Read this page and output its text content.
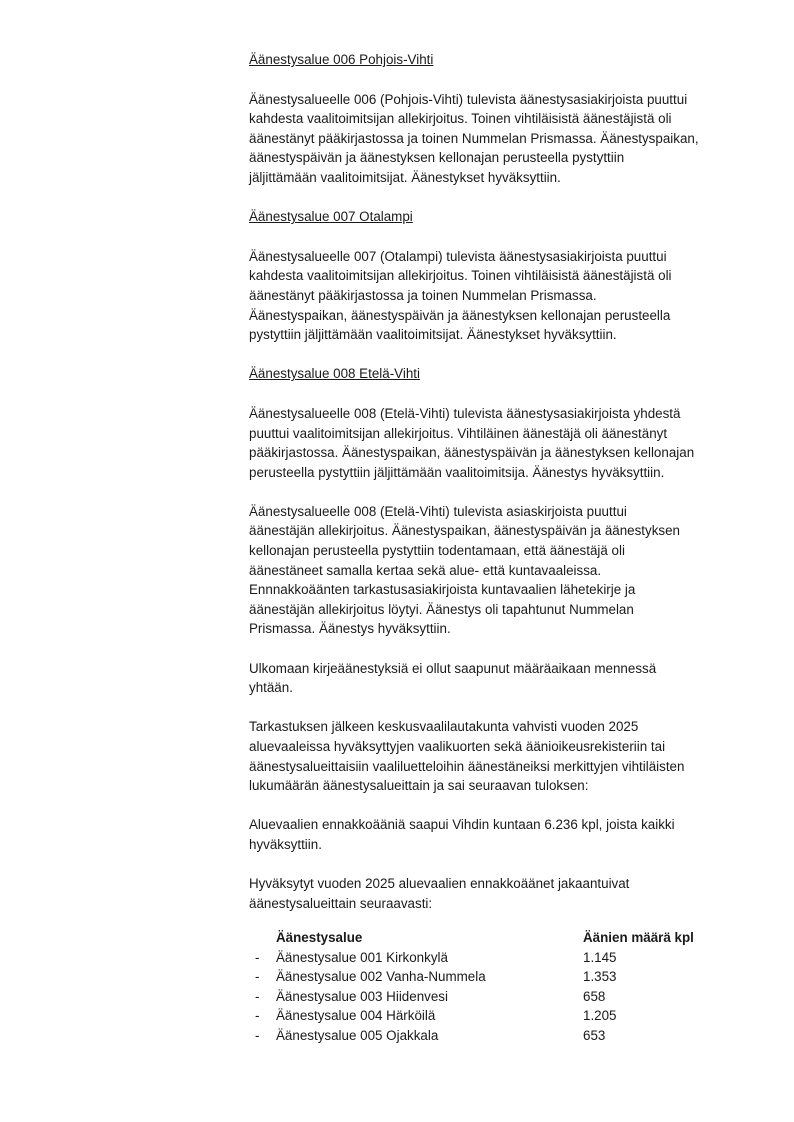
Äänestysalue 006 Pohjois-Vihti

Äänestysalueelle 006 (Pohjois-Vihti) tulevista äänestysasiakirjoista puuttui
kahdesta vaalitoimitsijan allekirjoitus. Toinen vihtiläisistä äänestäjistä oli
äänestänyt pääkirjastossa ja toinen Nummelan Prismassa. Äänestyspaikan,
äänestyspäivän ja äänestyksen kellonajan perusteella pystyttiin
jäljittämään vaalitoimitsijat. Äänestykset hyväksyttiin.

Äänestysalue 007 Otalampi

Äänestysalueelle 007 (Otalampi) tulevista äänestysasiakirjoista puuttui
kahdesta vaalitoimitsijan allekirjoitus. Toinen vihtiläisistä äänestäjistä oli
äänestänyt pääkirjastossa ja toinen Nummelan Prismassa.
Äänestyspaikan, äänestyspäivän ja äänestyksen kellonajan perusteella
pystyttiin jäljittämään vaalitoimitsijat. Äänestykset hyväksyttiin.

Äänestysalue 008 Etelä-Vihti

Äänestysalueelle 008 (Etelä-Vihti) tulevista äänestysasiakirjoista yhdestä
puuttui vaalitoimitsijan allekirjoitus. Vihtiläinen äänestäjä oli äänestänyt
pääkirjastossa. Äänestyspaikan, äänestyspäivän ja äänestyksen kellonajan
perusteella pystyttiin jäljittämään vaalitoimitsija. Äänestys hyväksyttiin.

Äänestysalueelle 008 (Etelä-Vihti) tulevista asiaskirjoista puuttui
äänestäjän allekirjoitus. Äänestyspaikan, äänestyspäivän ja äänestyksen
kellonajan perusteella pystyttiin todentamaan, että äänestäjä oli
äänestäneet samalla kertaa sekä alue- että kuntavaaleissa.
Ennnakkoäänten tarkastusasiakirjoista kuntavaalien lähetekirje ja
äänestäjän allekirjoitus löytyi. Äänestys oli tapahtunut Nummelan
Prismassa. Äänestys hyväksyttiin.

Ulkomaan kirjeäänestyksiä ei ollut saapunut määräaikaan mennessä
yhtään.

Tarkastuksen jälkeen keskusvaalilautakunta vahvisti vuoden 2025
aluevaaleissa hyväksyttyjen vaalikuorten sekä äänioikeusrekisteriin tai
äänestysalueittaisiin vaaliluetteloihin äänestäneiksi merkittyjen vihtiläisten
lukumäärän äänestysalueittain ja sai seuraavan tuloksen:

Aluevaalien ennakkoääniä saapui Vihdin kuntaan 6.236 kpl, joista kaikki
hyväksyttiin.

Hyväksytyt vuoden 2025 aluevaalien ennakkoäänet jakaantuivat
äänestysalueittain seuraavasti:

Äänestysalue	Äänien määrä kpl
-	Äänestysalue 001 Kirkonkylä	1.145
-	Äänestysalue 002 Vanha-Nummela	1.353
-	Äänestysalue 003 Hiidenvesi	658
-	Äänestysalue 004 Härköilä	1.205
-	Äänestysalue 005 Ojakkala	653
